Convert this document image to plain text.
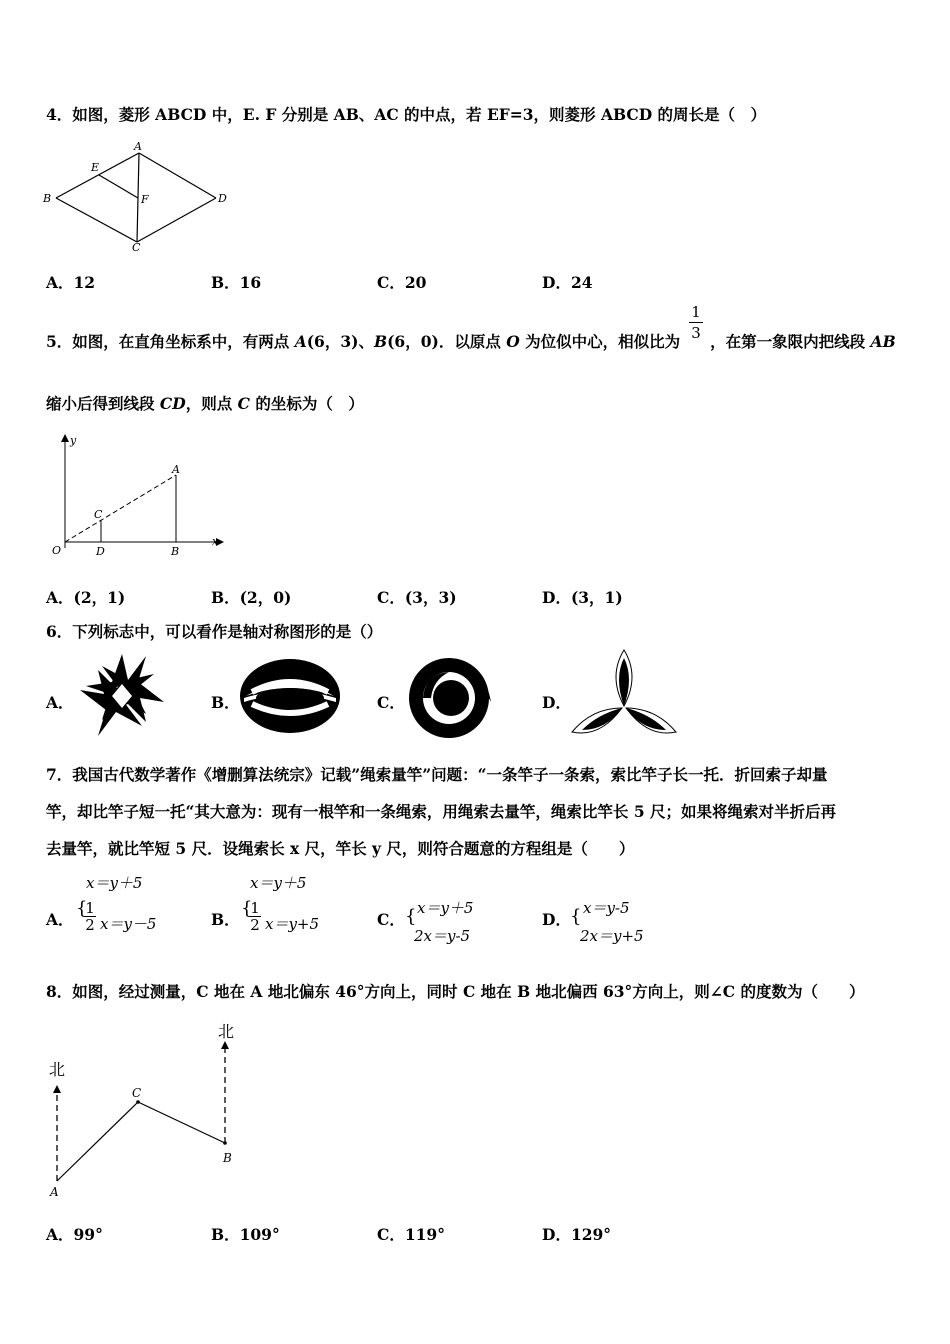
4．如图，菱形 ABCD 中，E. F 分别是 AB、AC 的中点，若 EF=3，则菱形 ABCD 的周长是（　）
A
B
C
D
E
F
A．12	B．16	C．20	D．24
5．如图，在直角坐标系中，有两点 A(6，3)、B(6，0)．以原点 O 为位似中心，相似比为 ，在第一象限内把线段 AB
1
3
缩小后得到线段 CD，则点 C 的坐标为（　）
y
x
O
A
B
C
D
A．(2，1)	B．(2，0)	C．(3，3)	D．(3，1)
6．下列标志中，可以看作是轴对称图形的是（）
A．	B．	C．	D．
7．我国古代数学著作《增删算法统宗》记载”绳索量竿”问题：“一条竿子一条索，索比竿子长一托．折回索子却量
竿，却比竿子短一托“其大意为：现有一根竿和一条绳索，用绳索去量竿，绳索比竿长 5 尺；如果将绳索对半折后再
去量竿，就比竿短 5 尺．设绳索长 x 尺，竿长 y 尺，则符合题意的方程组是（　　）
A．
{
x＝y＋5
1
2 x＝y－5	B．
{
x＝y＋5
1
2 x＝y+5	C． { x＝y＋5
2x＝y-5
D． { x＝y-5
2x＝y+5
8．如图，经过测量，C 地在 A 地北偏东 46°方向上，同时 C 地在 B 地北偏西 63°方向上，则∠C 的度数为（　　）
北
北
A
B
C
A．99°	B．109°	C．119°	D．129°
